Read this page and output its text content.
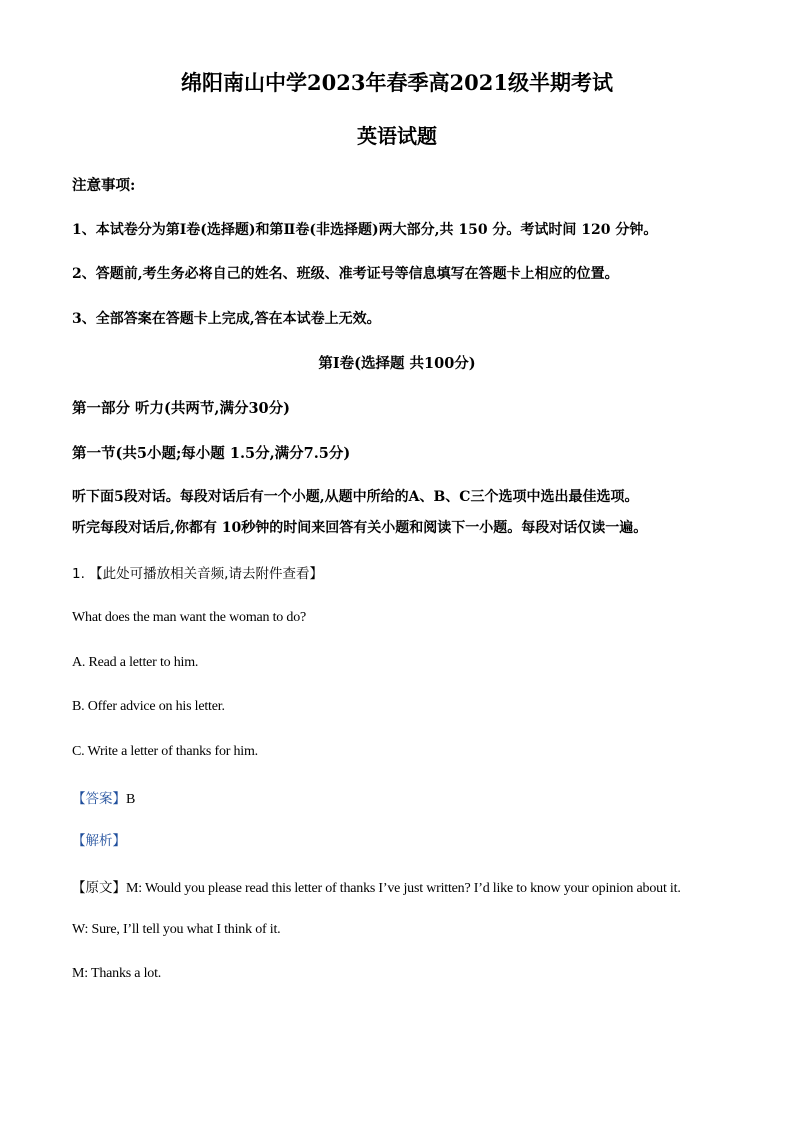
绵阳南山中学2023年春季高2021级半期考试
英语试题
注意事项:
1、本试卷分为第Ⅰ卷(选择题)和第Ⅱ卷(非选择题)两大部分,共 150 分。考试时间 120 分钟。
2、答题前,考生务必将自己的姓名、班级、准考证号等信息填写在答题卡上相应的位置。
3、全部答案在答题卡上完成,答在本试卷上无效。
第Ⅰ卷(选择题 共100分)
第一部分 听力(共两节,满分30分)
第一节(共5小题;每小题 1.5分,满分7.5分)
听下面5段对话。每段对话后有一个小题,从题中所给的A、B、C三个选项中选出最佳选项。
听完每段对话后,你都有 10秒钟的时间来回答有关小题和阅读下一小题。每段对话仅读一遍。
1. 【此处可播放相关音频,请去附件查看】
What does the man want the woman to do?
A. Read a letter to him.
B. Offer advice on his letter.
C. Write a letter of thanks for him.
【答案】B
【解析】
【原文】M: Would you please read this letter of thanks I’ve just written? I’d like to know your opinion about it.
W: Sure, I’ll tell you what I think of it.
M: Thanks a lot.
